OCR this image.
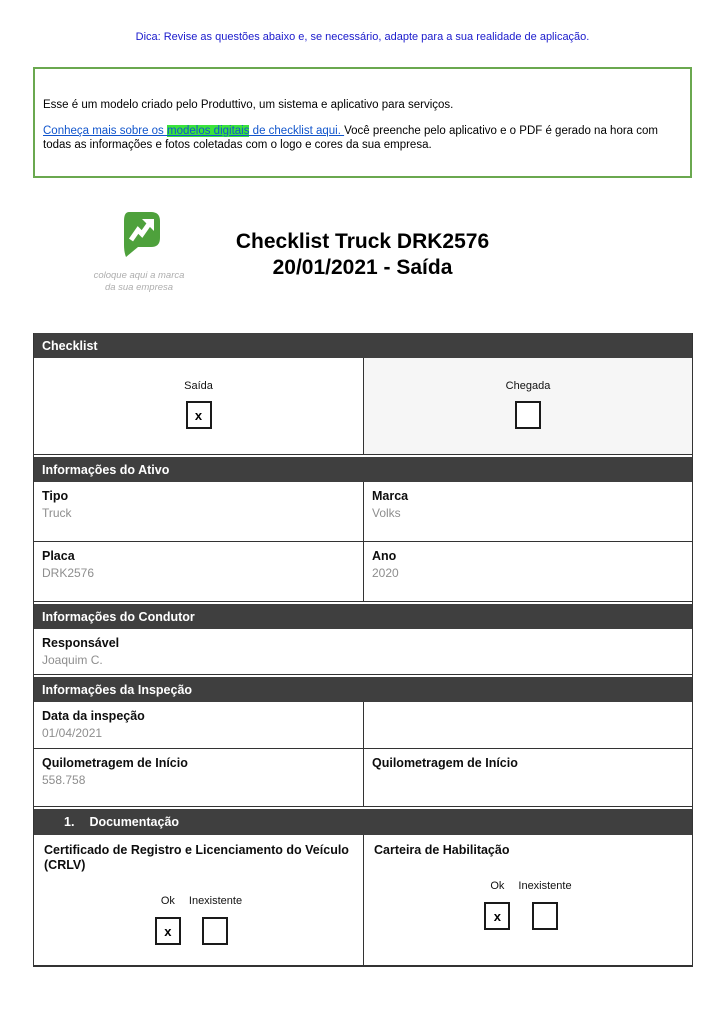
Dica: Revise as questões abaixo e, se necessário, adapte para a sua realidade de aplicação.

Esse é um modelo criado pelo Produttivo, um sistema e aplicativo para serviços.

Conheça mais sobre os modelos digitais de checklist aqui. Você preenche pelo aplicativo e o PDF é gerado na hora com todas as informações e fotos coletadas com o logo e cores da sua empresa.

coloque aqui a marca
da sua empresa
Checklist Truck DRK2576
20/01/2021 - Saída
Checklist
Saída
x
Chegada
Informações do Ativo
Tipo
Truck
Marca
Volks
Placa
DRK2576
Ano
2020
Informações do Condutor
Responsável
Joaquim C.
Informações da Inspeção
Data da inspeção
01/04/2021
Quilometragem de Início
558.758
Quilometragem de Início
1. Documentação
Certificado de Registro e Licenciamento do Veículo (CRLV)
Ok
x
Inexistente
Carteira de Habilitação
Ok
x
Inexistente
